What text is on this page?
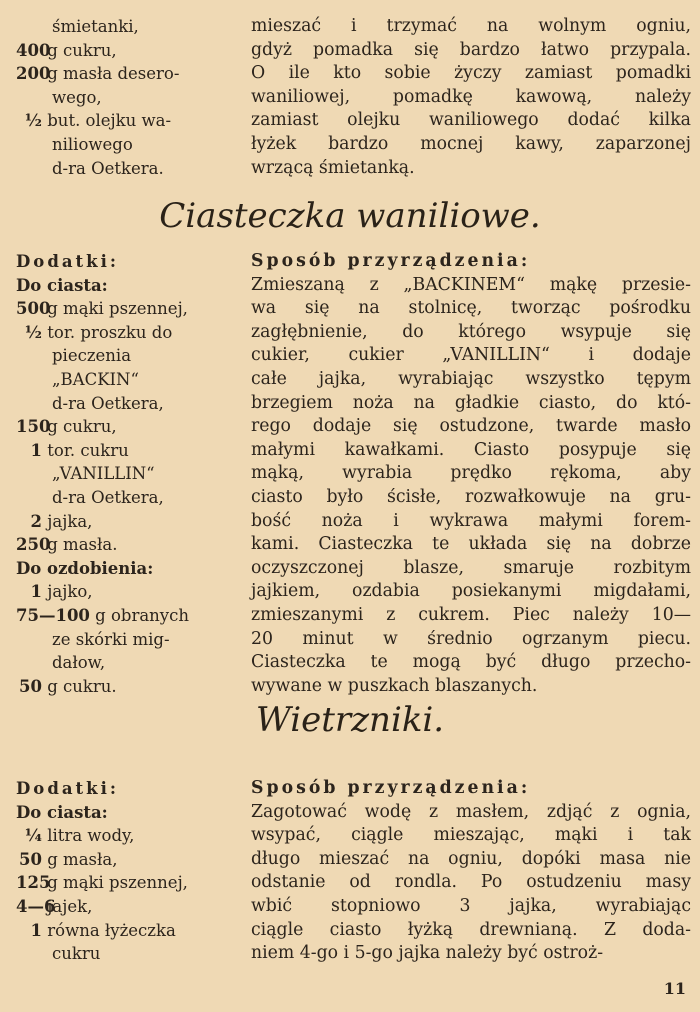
śmietanki,
400 g cukru,
200 g masła desero-
wego,
½ but. olejku wa-
niliowego
d-ra Oetkera.
mieszać i trzymać na wolnym ogniu,
gdyż pomadka się bardzo łatwo przypala.
O ile kto sobie życzy zamiast pomadki
waniliowej, pomadkę kawową, należy
zamiast olejku waniliowego dodać kilka
łyżek bardzo mocnej kawy, zaparzonej
wrzącą śmietanką.
Ciasteczka waniliowe.
Dodatki:
Do ciasta:
500 g mąki pszennej,
½ tor. proszku do
pieczenia
„BACKIN“
d-ra Oetkera,
150 g cukru,
1 tor. cukru
„VANILLIN“
d-ra Oetkera,
2 jajka,
250 g masła.
Do ozdobienia:
1 jajko,
75—100 g obranych
ze skórki mig-
dałow,
50 g cukru.
Sposób przyrządzenia:
Zmieszaną z „BACKINEM“ mąkę przesie-
wa się na stolnicę, tworząc pośrodku
zagłębnienie, do którego wsypuje się
cukier, cukier „VANILLIN“ i dodaje
całe jajka, wyrabiając wszystko tępym
brzegiem noża na gładkie ciasto, do któ-
rego dodaje się ostudzone, twarde masło
małymi kawałkami. Ciasto posypuje się
mąką, wyrabia prędko rękoma, aby
ciasto było ścisłe, rozwałkowuje na gru-
bość noża i wykrawa małymi forem-
kami. Ciasteczka te układa się na dobrze
oczyszczonej blasze, smaruje rozbitym
jajkiem, ozdabia posiekanymi migdałami,
zmieszanymi z cukrem. Piec należy 10—
20 minut w średnio ogrzanym piecu.
Ciasteczka te mogą być długo przecho-
wywane w puszkach blaszanych.
Wietrzniki.
Dodatki:
Do ciasta:
¼ litra wody,
50 g masła,
125 g mąki pszennej,
4—6 jajek,
1 równa łyżeczka
cukru
Sposób przyrządzenia:
Zagotować wodę z masłem, zdjąć z ognia,
wsypać, ciągle mieszając, mąki i tak
długo mieszać na ogniu, dopóki masa nie
odstanie od rondla. Po ostudzeniu masy
wbić stopniowo 3 jajka, wyrabiając
ciągle ciasto łyżką drewnianą. Z doda-
niem 4-go i 5-go jajka należy być ostroż-
11
